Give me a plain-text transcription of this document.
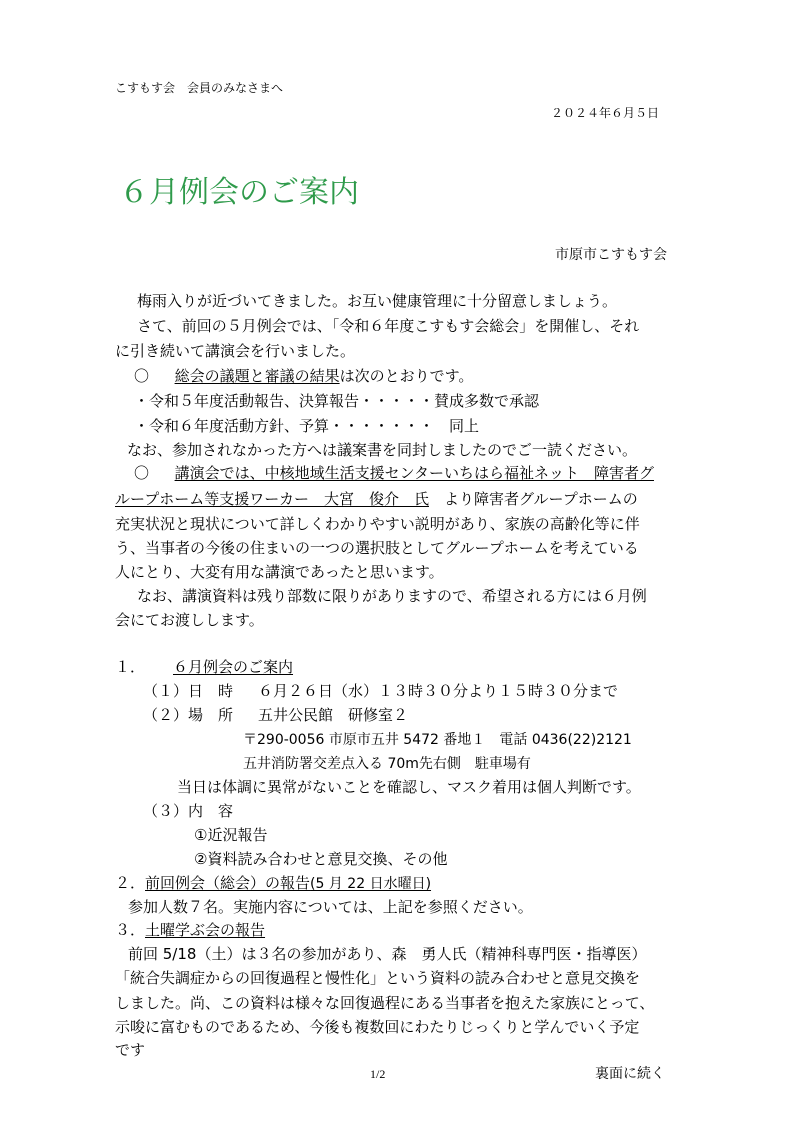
こすもす会　会員のみなさまへ
２０２４年６月５日
６月例会のご案内
市原市こすもす会
梅雨入りが近づいてきました。お互い健康管理に十分留意しましょう。
さて、前回の５月例会では、「令和６年度こすもす会総会」を開催し、それ
に引き続いて講演会を行いました。
〇 総会の議題と審議の結果は次のとおりです。
・令和５年度活動報告、決算報告・・・・・賛成多数で承認
・令和６年度活動方針、予算・・・・・・・　同上
なお、参加されなかった方へは議案書を同封しましたのでご一読ください。
〇 講演会では、中核地域生活支援センターいちはら福祉ネット　障害者グ
ループホーム等支援ワーカー　大宮　俊介　氏　より障害者グループホームの
充実状況と現状について詳しくわかりやすい説明があり、家族の高齢化等に伴
う、当事者の今後の住まいの一つの選択肢としてグループホームを考えている
人にとり、大変有用な講演であったと思います。
なお、講演資料は残り部数に限りがありますので、希望される方には６月例
会にてお渡しします。
１． ６月例会のご案内
（１）日　時 ６月２６日（水）１３時３０分より１５時３０分まで
（２）場　所 五井公民館　研修室２
〒290-0056 市原市五井 5472 番地１　電話 0436(22)2121
五井消防署交差点入る 70m先右側　駐車場有
当日は体調に異常がないことを確認し、マスク着用は個人判断です。
（３）内　容
①近況報告
②資料読み合わせと意見交換、その他
２．前回例会（総会）の報告(5 月 22 日水曜日)
参加人数７名。実施内容については、上記を参照ください。
３．土曜学ぶ会の報告
前回 5/18（土）は３名の参加があり、森　勇人氏（精神科専門医・指導医）
「統合失調症からの回復過程と慢性化」という資料の読み合わせと意見交換を
しました。尚、この資料は様々な回復過程にある当事者を抱えた家族にとって、
示唆に富むものであるため、今後も複数回にわたりじっくりと学んでいく予定
です
1/2	裏面に続く
